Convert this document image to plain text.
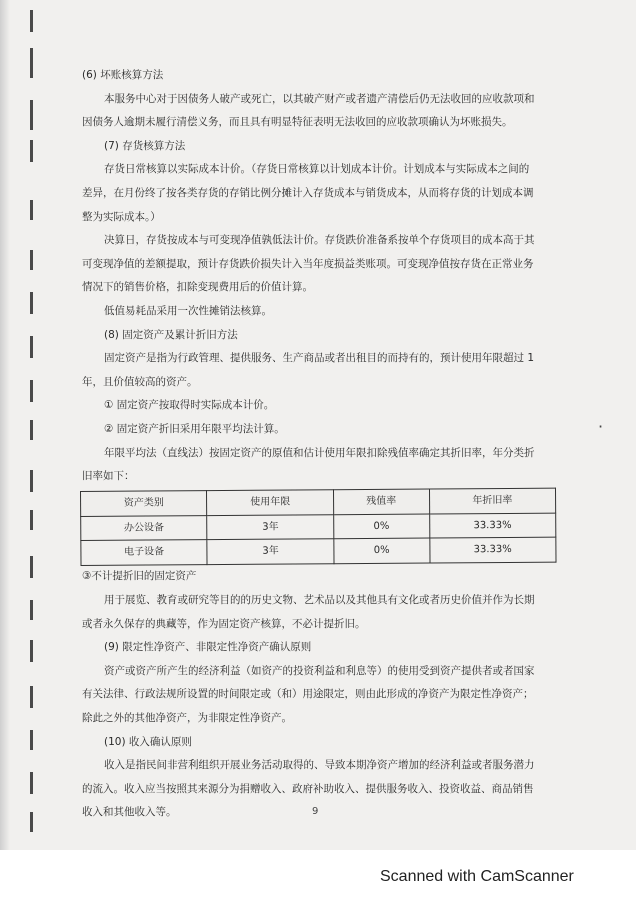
·
(6) 坏账核算方法
本服务中心对于因债务人破产或死亡，以其破产财产或者遗产清偿后仍无法收回的应收款项和
因债务人逾期未履行清偿义务，而且具有明显特征表明无法收回的应收款项确认为坏账损失。
(7) 存货核算方法
存货日常核算以实际成本计价。（存货日常核算以计划成本计价。计划成本与实际成本之间的
差异，在月份终了按各类存货的存销比例分摊计入存货成本与销货成本，从而将存货的计划成本调
整为实际成本。）
决算日，存货按成本与可变现净值孰低法计价。存货跌价准备系按单个存货项目的成本高于其
可变现净值的差额提取，预计存货跌价损失计入当年度损益类账项。可变现净值按存货在正常业务
情况下的销售价格，扣除变现费用后的价值计算。
低值易耗品采用一次性摊销法核算。
(8) 固定资产及累计折旧方法
固定资产是指为行政管理、提供服务、生产商品或者出租目的而持有的，预计使用年限超过 1
年，且价值较高的资产。
① 固定资产按取得时实际成本计价。
② 固定资产折旧采用年限平均法计算。
年限平均法（直线法）按固定资产的原值和估计使用年限扣除残值率确定其折旧率，年分类折
旧率如下：
资产类别	使用年限	残值率	年折旧率
办公设备	3年	0%	33.33%
电子设备	3年	0%	33.33%
③不计提折旧的固定资产
用于展览、教育或研究等目的的历史文物、艺术品以及其他具有文化或者历史价值并作为长期
或者永久保存的典藏等，作为固定资产核算，不必计提折旧。
(9) 限定性净资产、非限定性净资产确认原则
资产或资产所产生的经济利益（如资产的投资利益和利息等）的使用受到资产提供者或者国家
有关法律、行政法规所设置的时间限定或（和）用途限定，则由此形成的净资产为限定性净资产；
除此之外的其他净资产，为非限定性净资产。
(10) 收入确认原则
收入是指民间非营利组织开展业务活动取得的、导致本期净资产增加的经济利益或者服务潜力
的流入。收入应当按照其来源分为捐赠收入、政府补助收入、提供服务收入、投资收益、商品销售
收入和其他收入等。	9
Scanned with CamScanner
